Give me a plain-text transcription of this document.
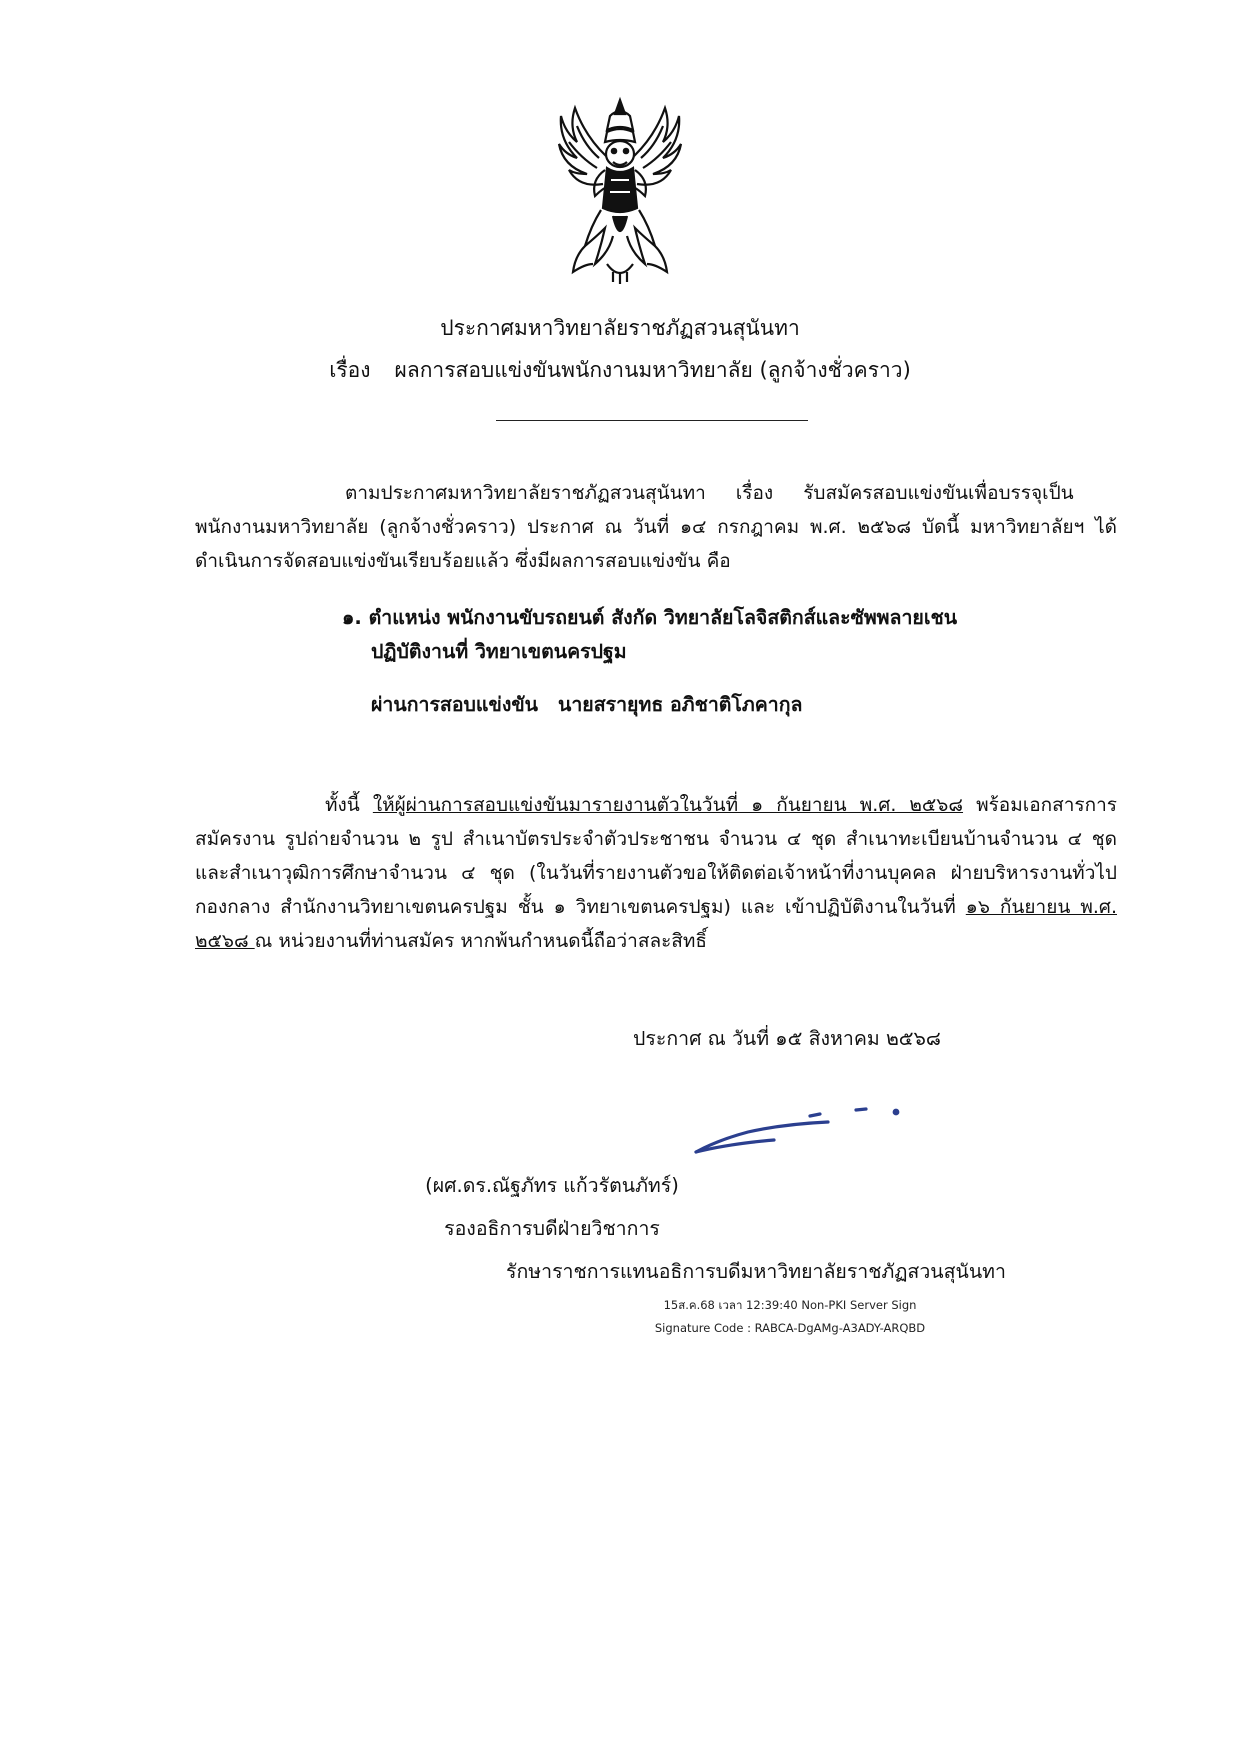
ประกาศมหาวิทยาลัยราชภัฏสวนสุนันทา
เรื่อง ผลการสอบแข่งขันพนักงานมหาวิทยาลัย (ลูกจ้างชั่วคราว)
ตามประกาศมหาวิทยาลัยราชภัฏสวนสุนันทา เรื่อง รับสมัครสอบแข่งขันเพื่อบรรจุเป็น พนักงานมหาวิทยาลัย (ลูกจ้างชั่วคราว) ประกาศ ณ วันที่ ๑๔ กรกฎาคม พ.ศ. ๒๕๖๘ บัดนี้ มหาวิทยาลัยฯ ได้ดำเนินการจัดสอบแข่งขันเรียบร้อยแล้ว ซึ่งมีผลการสอบแข่งขัน คือ
๑. ตำแหน่ง พนักงานขับรถยนต์ สังกัด วิทยาลัยโลจิสติกส์และซัพพลายเชน
ปฏิบัติงานที่ วิทยาเขตนครปฐม
ผ่านการสอบแข่งขัน นายสรายุทธ อภิชาติโภคากุล
ทั้งนี้ ให้ผู้ผ่านการสอบแข่งขันมารายงานตัวในวันที่ ๑ กันยายน พ.ศ. ๒๕๖๘ พร้อมเอกสารการสมัครงาน รูปถ่ายจำนวน ๒ รูป สำเนาบัตรประจำตัวประชาชน จำนวน ๔ ชุด สำเนาทะเบียนบ้านจำนวน ๔ ชุด และสำเนาวุฒิการศึกษาจำนวน ๔ ชุด (ในวันที่รายงานตัวขอให้ติดต่อเจ้าหน้าที่งานบุคคล ฝ่ายบริหารงานทั่วไป กองกลาง สำนักงานวิทยาเขตนครปฐม ชั้น ๑ วิทยาเขตนครปฐม) และ เข้าปฏิบัติงานในวันที่ ๑๖ กันยายน พ.ศ. ๒๕๖๘ ณ หน่วยงานที่ท่านสมัคร หากพ้นกำหนดนี้ถือว่าสละสิทธิ์
ประกาศ ณ วันที่ ๑๕ สิงหาคม ๒๕๖๘
(ผศ.ดร.ณัฐภัทร แก้วรัตนภัทร์)
รองอธิการบดีฝ่ายวิชาการ
รักษาราชการแทนอธิการบดีมหาวิทยาลัยราชภัฏสวนสุนันทา
15ส.ค.68 เวลา 12:39:40 Non-PKI Server Sign
Signature Code : RABCA-DgAMg-A3ADY-ARQBD
